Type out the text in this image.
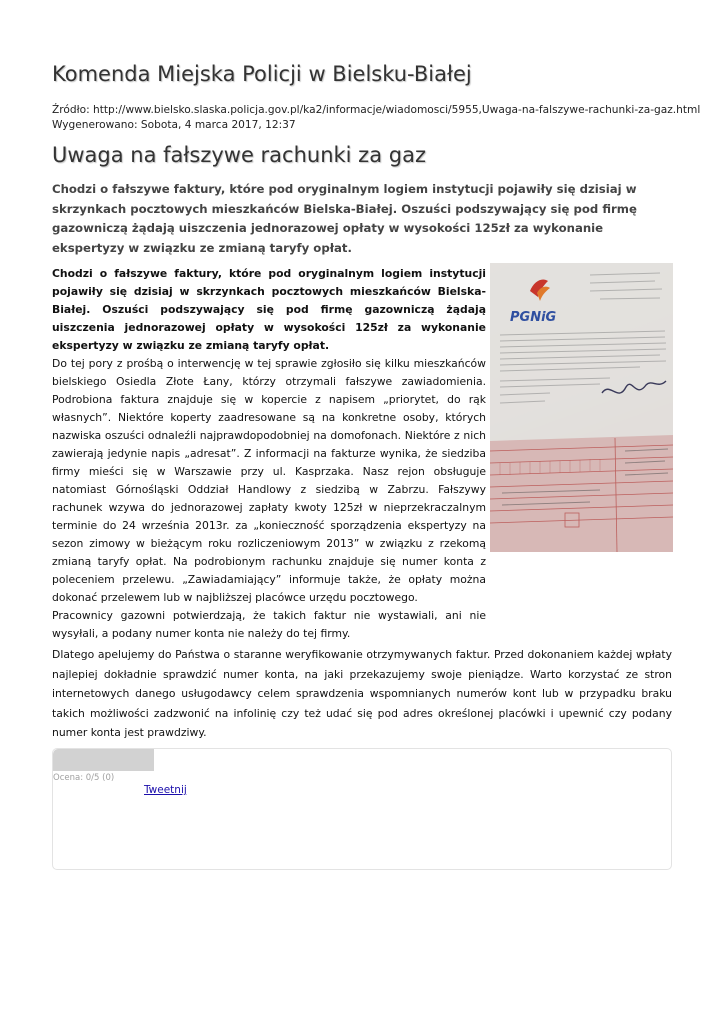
Komenda Miejska Policji w Bielsku-Białej
Źródło: http://www.bielsko.slaska.policja.gov.pl/ka2/informacje/wiadomosci/5955,Uwaga-na-falszywe-rachunki-za-gaz.html
Wygenerowano: Sobota, 4 marca 2017, 12:37
Uwaga na fałszywe rachunki za gaz

Chodzi o fałszywe faktury, które pod oryginalnym logiem instytucji pojawiły się dzisiaj w skrzynkach pocztowych mieszkańców Bielska-Białej. Oszuści podszywający się pod firmę gazowniczą żądają uiszczenia jednorazowej opłaty w wysokości 125zł za wykonanie ekspertyzy w związku ze zmianą taryfy opłat.

PGNiG

Chodzi o fałszywe faktury, które pod oryginalnym logiem instytucji pojawiły się dzisiaj w skrzynkach pocztowych mieszkańców Bielska-Białej. Oszuści podszywający się pod firmę gazowniczą żądają uiszczenia jednorazowej opłaty w wysokości 125zł za wykonanie ekspertyzy w związku ze zmianą taryfy opłat.

Do tej pory z prośbą o interwencję w tej sprawie zgłosiło się kilku mieszkańców bielskiego Osiedla Złote Łany, którzy otrzymali fałszywe zawiadomienia. Podrobiona faktura znajduje się w kopercie z napisem „priorytet, do rąk własnych”. Niektóre koperty zaadresowane są na konkretne osoby, których nazwiska oszuści odnaleźli najprawdopodobniej na domofonach. Niektóre z nich zawierają jedynie napis „adresat”. Z informacji na fakturze wynika, że siedziba firmy mieści się w Warszawie przy ul. Kasprzaka. Nasz rejon obsługuje natomiast Górnośląski Oddział Handlowy z siedzibą w Zabrzu. Fałszywy rachunek wzywa do jednorazowej zapłaty kwoty 125zł w nieprzekraczalnym terminie do 24 września 2013r. za „konieczność sporządzenia ekspertyzy na sezon zimowy w bieżącym roku rozliczeniowym 2013” w związku z rzekomą zmianą taryfy opłat. Na podrobionym rachunku znajduje się numer konta z poleceniem przelewu. „Zawiadamiający” informuje także, że opłaty można dokonać przelewem lub w najbliższej placówce urzędu pocztowego.

Pracownicy gazowni potwierdzają, że takich faktur nie wystawiali, ani nie wysyłali, a podany numer konta nie należy do tej firmy.

Dlatego apelujemy do Państwa o staranne weryfikowanie otrzymywanych faktur. Przed dokonaniem każdej wpłaty najlepiej dokładnie sprawdzić numer konta, na jaki przekazujemy swoje pieniądze. Warto korzystać ze stron internetowych danego usługodawcy celem sprawdzenia wspomnianych numerów kont lub w przypadku braku takich możliwości zadzwonić na infolinię czy też udać się pod adres określonej placówki i upewnić czy podany numer konta jest prawdziwy.

Ocena: 0/5 (0)
Tweetnij
